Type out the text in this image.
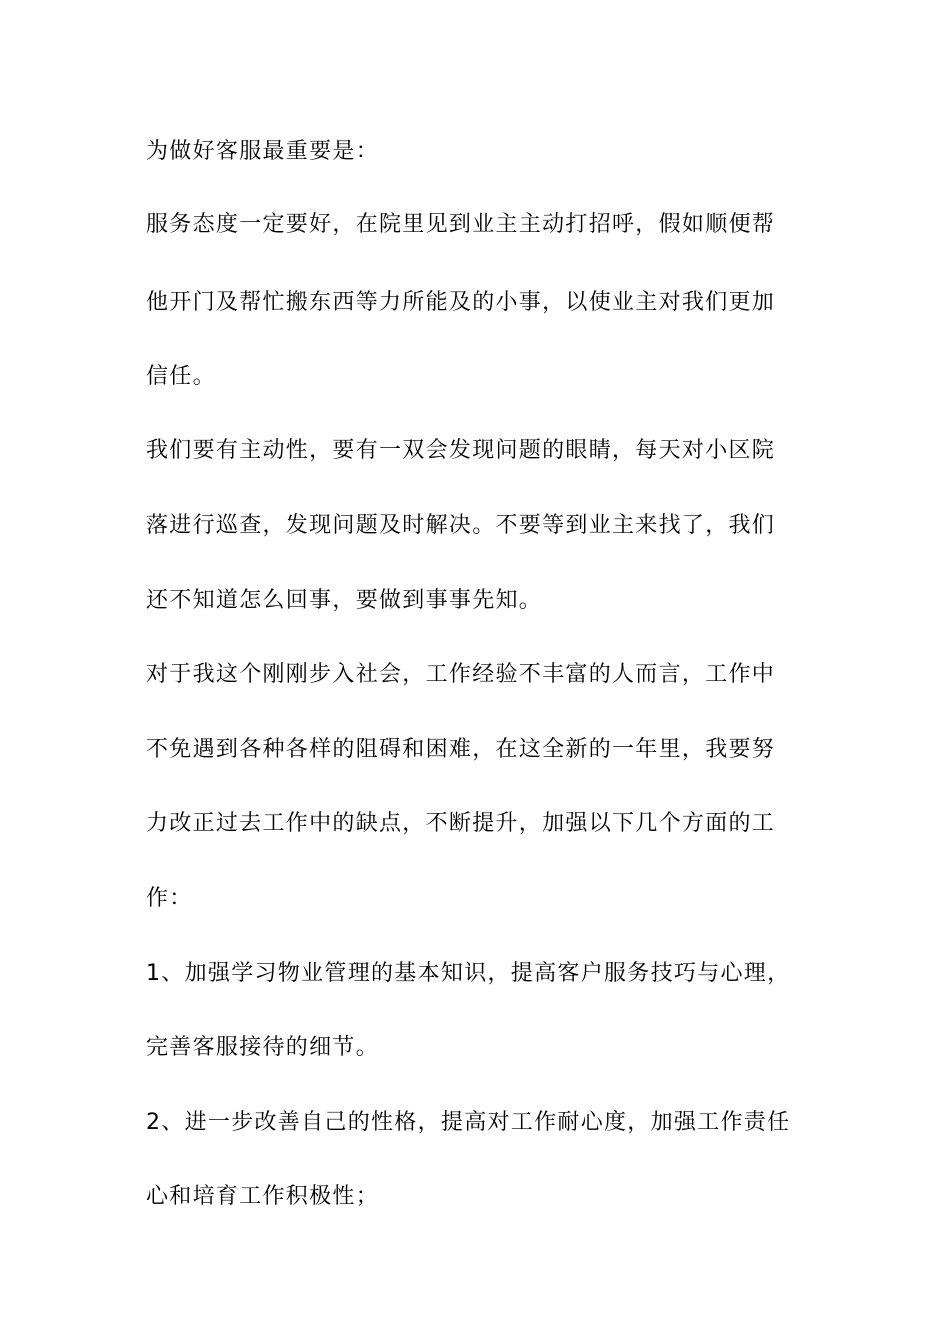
为做好客服最重要是：
服务态度一定要好，在院里见到业主主动打招呼，假如顺便帮
他开门及帮忙搬东西等力所能及的小事，以使业主对我们更加
信任。
我们要有主动性，要有一双会发现问题的眼睛，每天对小区院
落进行巡查，发现问题及时解决。不要等到业主来找了，我们
还不知道怎么回事，要做到事事先知。
对于我这个刚刚步入社会，工作经验不丰富的人而言，工作中
不免遇到各种各样的阻碍和困难，在这全新的一年里，我要努
力改正过去工作中的缺点，不断提升，加强以下几个方面的工
作：
1、加强学习物业管理的基本知识，提高客户服务技巧与心理，
完善客服接待的细节。
2、进一步改善自己的性格，提高对工作耐心度，加强工作责任
心和培育工作积极性；
